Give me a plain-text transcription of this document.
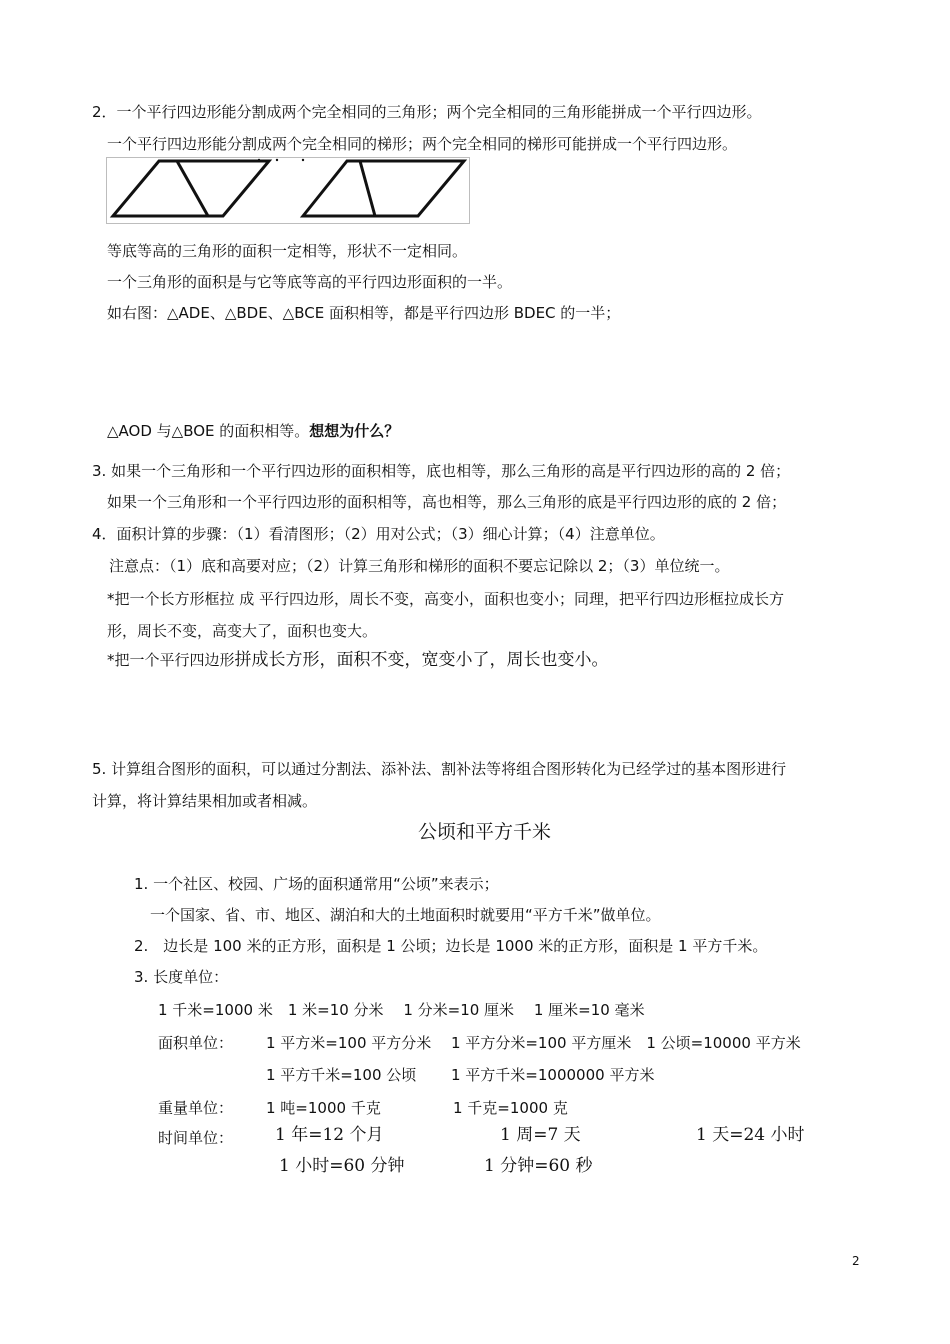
2．一个平行四边形能分割成两个完全相同的三角形；两个完全相同的三角形能拼成一个平行四边形。
一个平行四边形能分割成两个完全相同的梯形；两个完全相同的梯形可能拼成一个平行四边形。
等底等高的三角形的面积一定相等，形状不一定相同。
一个三角形的面积是与它等底等高的平行四边形面积的一半。
如右图：△ADE、△BDE、△BCE 面积相等，都是平行四边形 BDEC 的一半；
△AOD 与△BOE 的面积相等。想想为什么？
3. 如果一个三角形和一个平行四边形的面积相等，底也相等，那么三角形的高是平行四边形的高的 2 倍；
如果一个三角形和一个平行四边形的面积相等，高也相等，那么三角形的底是平行四边形的底的 2 倍；
4．面积计算的步骤：（1）看清图形；（2）用对公式；（3）细心计算；（4）注意单位。
注意点：（1）底和高要对应；（2）计算三角形和梯形的面积不要忘记除以 2；（3）单位统一。
*把一个长方形框拉 成 平行四边形，周长不变，高变小，面积也变小；同理，把平行四边形框拉成长方
形，周长不变，高变大了，面积也变大。
*把一个平行四边形拼成长方形，面积不变，宽变小了，周长也变小。
5. 计算组合图形的面积，可以通过分割法、添补法、割补法等将组合图形转化为已经学过的基本图形进行
计算，将计算结果相加或者相减。
公顷和平方千米
1. 一个社区、校园、广场的面积通常用“公顷”来表示；
一个国家、省、市、地区、湖泊和大的土地面积时就要用“平方千米”做单位。
2.　边长是 100 米的正方形，面积是 1 公顷；边长是 1000 米的正方形，面积是 1 平方千米。
3. 长度单位：
1 千米=1000 米　1 米=10 分米　 1 分米=10 厘米　 1 厘米=10 毫米
面积单位： 1 平方米=100 平方分米　 1 平方分米=100 平方厘米　1 公顷=10000 平方米
1 平方千米=100 公顷 1 平方千米=1000000 平方米
重量单位： 1 吨=1000 千克	1 千克=1000 克
时间单位： 1 年=12 个月	1 周=7 天	1 天=24 小时
1 小时=60 分钟	1 分钟=60 秒
2
